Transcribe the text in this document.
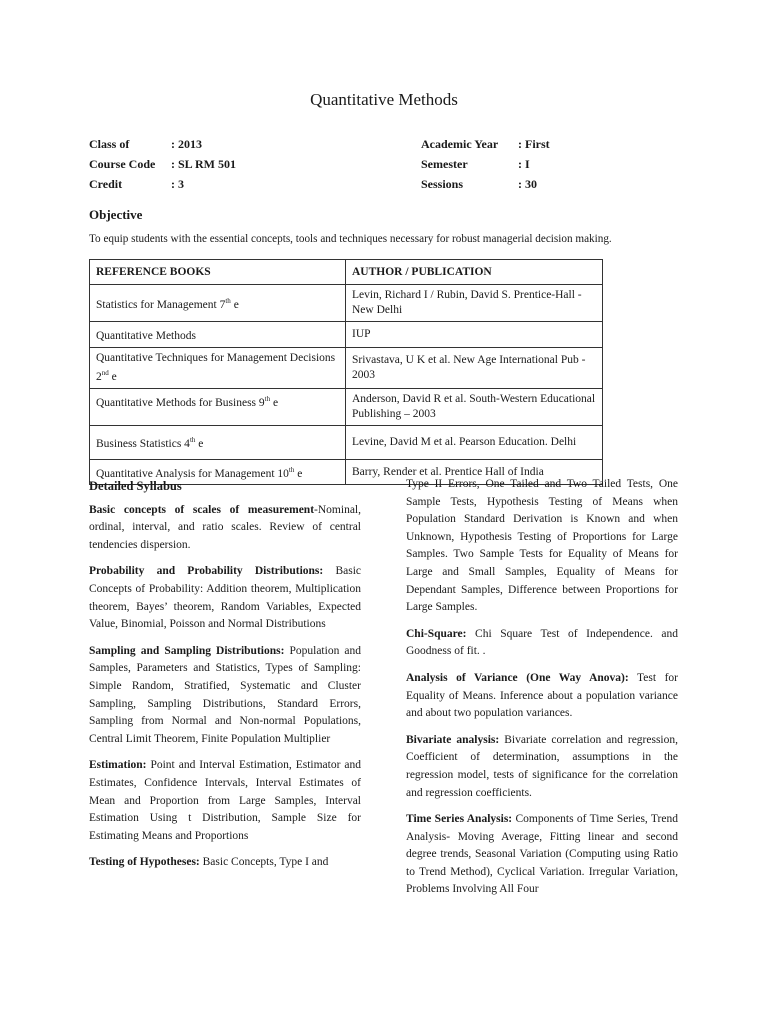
Quantitative Methods
Class of	: 2013
Course Code	: SL RM 501
Credit	: 3
Academic Year	: First
Semester	: I
Sessions	: 30
Objective
To equip students with the essential concepts, tools and techniques necessary for robust managerial decision making.
REFERENCE BOOKS	AUTHOR / PUBLICATION
Statistics for Management 7th e	Levin, Richard I / Rubin, David S. Prentice-Hall - New Delhi
Quantitative Methods	IUP
Quantitative Techniques for Management Decisions 2nd e	Srivastava, U K et al. New Age International Pub - 2003
Quantitative Methods for Business 9th e	Anderson, David R et al. South-Western Educational Publishing – 2003
Business Statistics 4th e	Levine, David M et al. Pearson Education. Delhi
Quantitative Analysis for Management 10th e	Barry, Render et al. Prentice Hall of India
Detailed Syllabus

Basic concepts of scales of measurement-Nominal, ordinal, interval, and ratio scales. Review of central tendencies dispersion.

Probability and Probability Distributions: Basic Concepts of Probability: Addition theorem, Multiplication theorem, Bayes’ theorem, Random Variables, Expected Value, Binomial, Poisson and Normal Distributions

Sampling and Sampling Distributions: Population and Samples, Parameters and Statistics, Types of Sampling: Simple Random, Stratified, Systematic and Cluster Sampling, Sampling Distributions, Standard Errors, Sampling from Normal and Non-normal Populations, Central Limit Theorem, Finite Population Multiplier

Estimation: Point and Interval Estimation, Estimator and Estimates, Confidence Intervals, Interval Estimates of Mean and Proportion from Large Samples, Interval Estimation Using t Distribution, Sample Size for Estimating Means and Proportions

Testing of Hypotheses: Basic Concepts, Type I and

Type II Errors, One Tailed and Two Tailed Tests, One Sample Tests, Hypothesis Testing of Means when Population Standard Derivation is Known and when Unknown, Hypothesis Testing of Proportions for Large Samples. Two Sample Tests for Equality of Means for Large and Small Samples, Equality of Means for Dependant Samples, Difference between Proportions for Large Samples.

Chi-Square: Chi Square Test of Independence. and Goodness of fit. .

Analysis of Variance (One Way Anova): Test for Equality of Means. Inference about a population variance and about two population variances.

Bivariate analysis: Bivariate correlation and regression, Coefficient of determination, assumptions in the regression model, tests of significance for the correlation and regression coefficients.

Time Series Analysis: Components of Time Series, Trend Analysis- Moving Average, Fitting linear and second degree trends, Seasonal Variation (Computing using Ratio to Trend Method), Cyclical Variation. Irregular Variation, Problems Involving All Four
